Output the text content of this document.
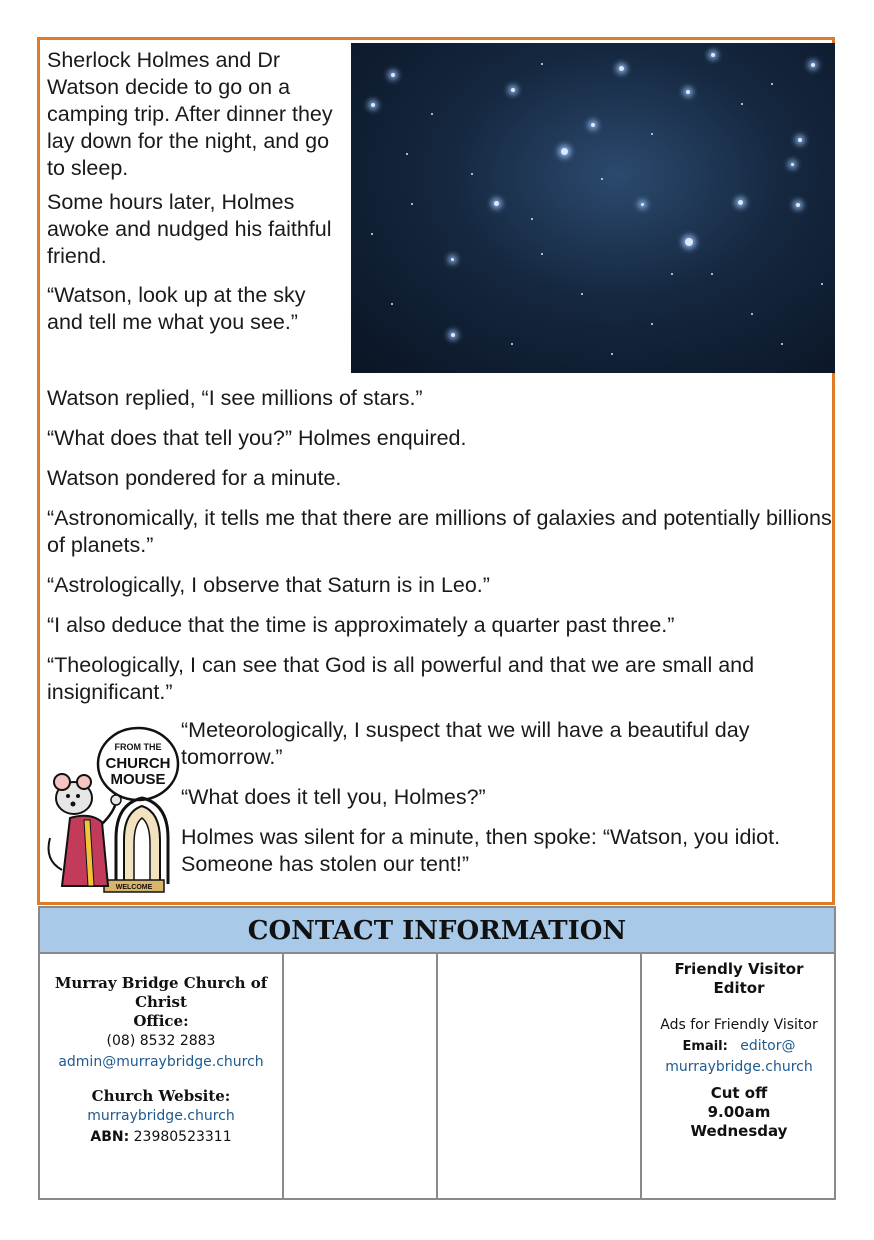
Sherlock Holmes and Dr Watson decide to go on a camping trip. After dinner they lay down for the night, and go to sleep.

Some hours later, Holmes awoke and nudged his faithful friend.

“Watson, look up at the sky and tell me what you see.”

Watson replied, “I see millions of stars.”

“What does that tell you?” Holmes enquired.

Watson pondered for a minute.

“Astronomically, it tells me that there are millions of galaxies and potentially billions of planets.”

“Astrologically, I observe that Saturn is in Leo.”

“I also deduce that the time is approximately a quarter past three.”

“Theologically, I can see that God is all powerful and that we are small and insignificant.”

“Meteorologically, I suspect that we will have a beautiful day tomorrow.”

“What does it tell you, Holmes?”

Holmes was silent for a minute, then spoke: “Watson, you idiot. Someone has stolen our tent!”

FROM THE
CHURCH
MOUSE
WELCOME
CONTACT INFORMATION
Murray Bridge Church of Christ
Office:
(08) 8532 2883
admin@murraybridge.church
Church Website:
murraybridge.church
ABN: 23980523311
Friendly Visitor Editor
Ads for Friendly Visitor
Email: editor@
murraybridge.church
Cut off 9.00am Wednesday
